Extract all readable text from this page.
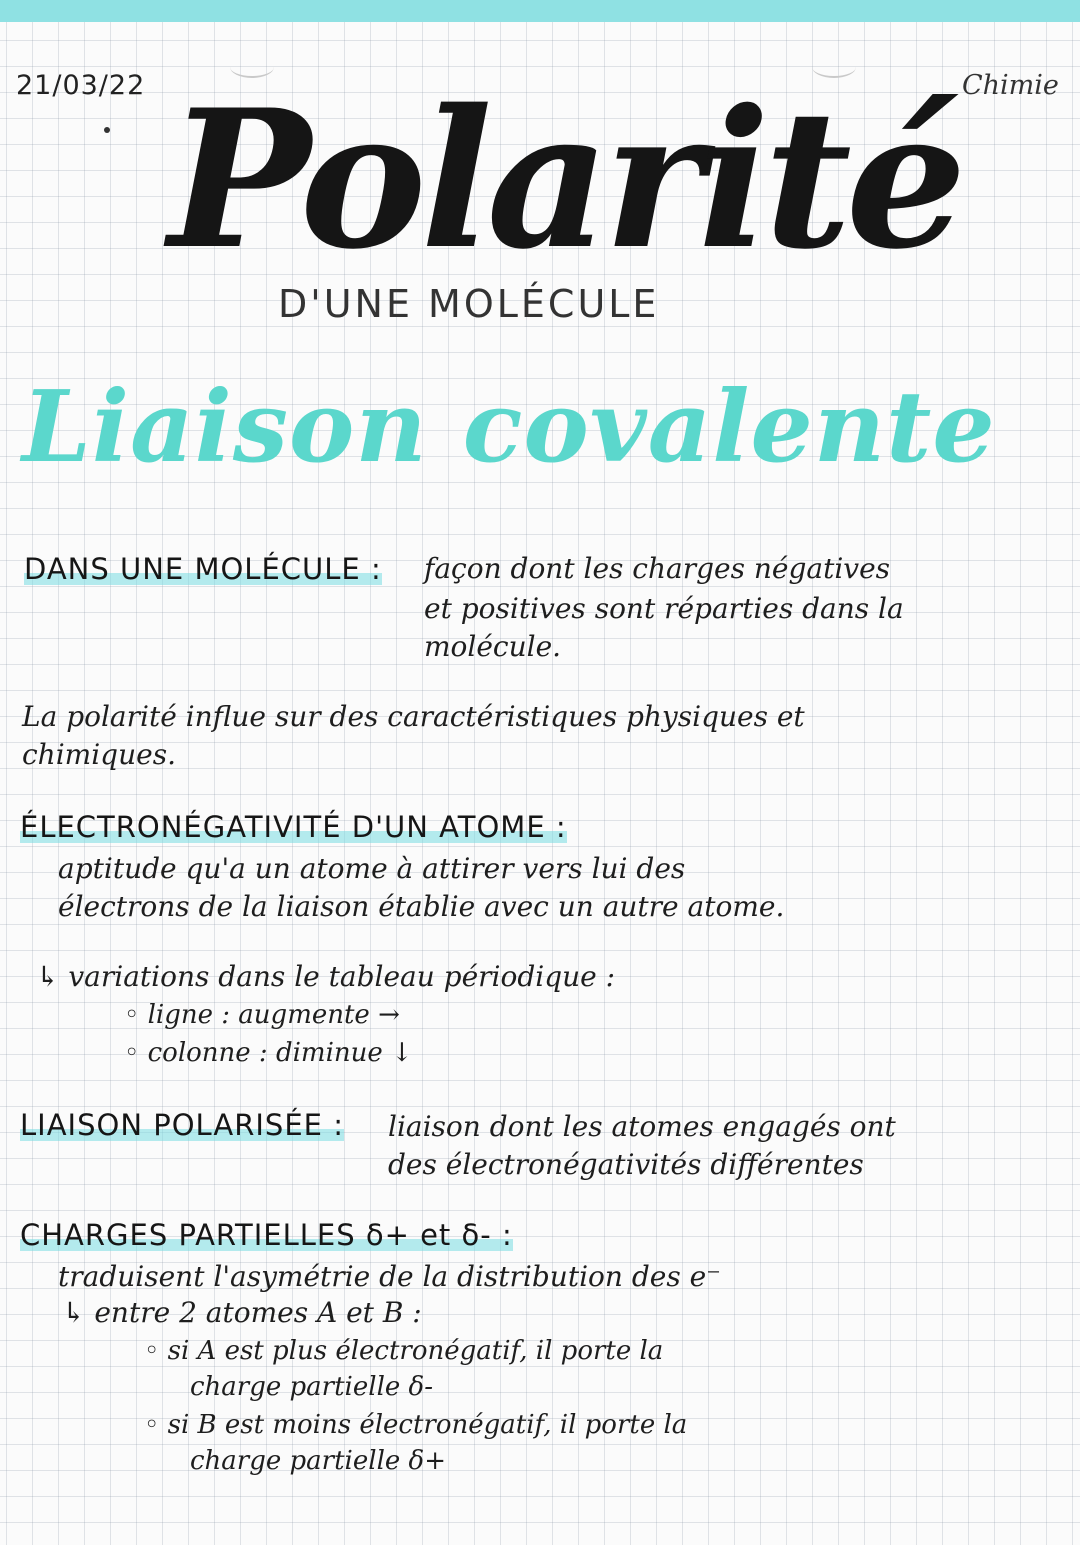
21/03/22	Chimie
Polarité
D'UNE MOLÉCULE
Liaison covalente
DANS UNE MOLÉCULE : façon dont les charges négatives
et positives sont réparties dans la
molécule.
La polarité influe sur des caractéristiques physiques et
chimiques.
ÉLECTRONÉGATIVITÉ D'UN ATOME :
aptitude qu'a un atome à attirer vers lui des
électrons de la liaison établie avec un autre atome.
↳ variations dans le tableau périodique :
◦ ligne : augmente →
◦ colonne : diminue ↓
LIAISON POLARISÉE : liaison dont les atomes engagés ont
des électronégativités différentes
CHARGES PARTIELLES δ+ et δ- :
traduisent l'asymétrie de la distribution des e⁻
↳ entre 2 atomes A et B :
◦ si A est plus électronégatif, il porte la
charge partielle δ-
◦ si B est moins électronégatif, il porte la
charge partielle δ+
